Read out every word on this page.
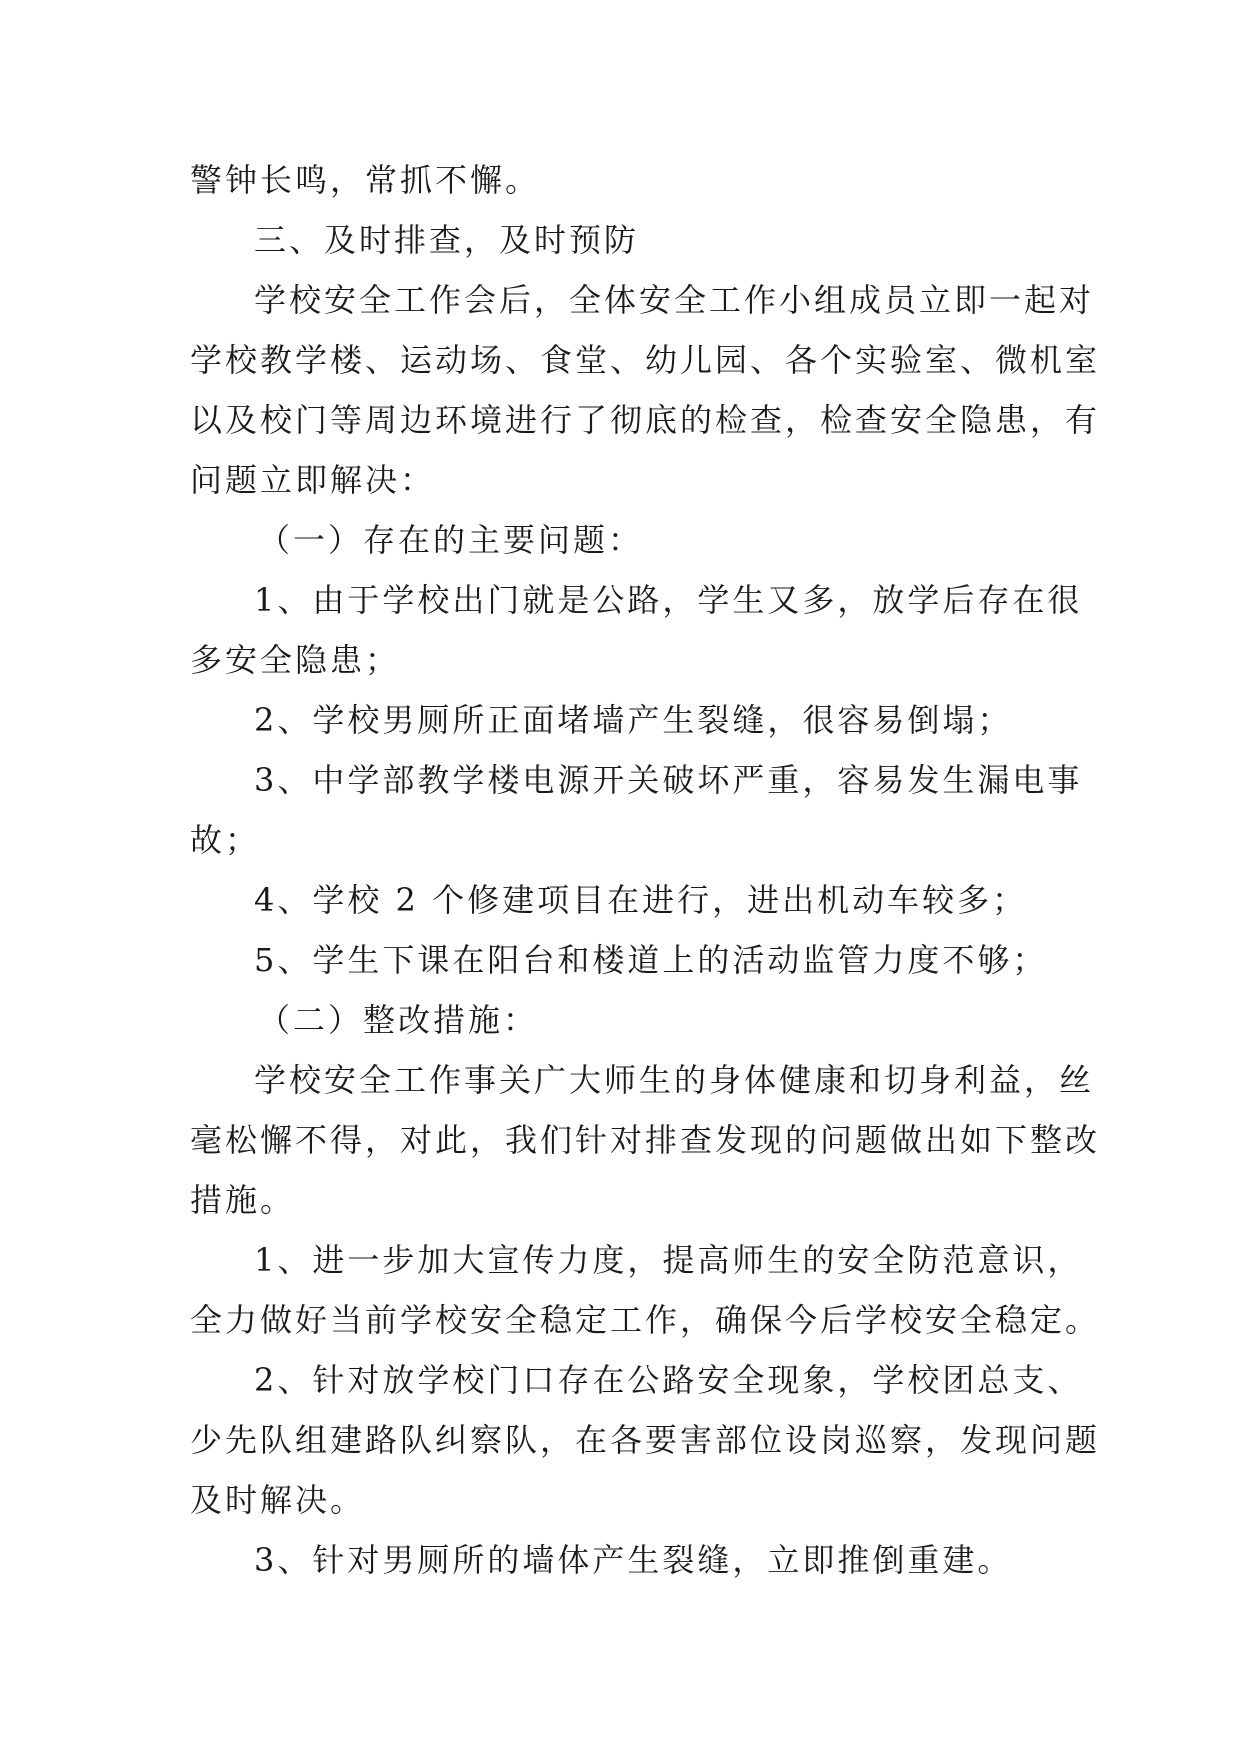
警钟长鸣，常抓不懈。
三、及时排查，及时预防
学校安全工作会后，全体安全工作小组成员立即一起对
学校教学楼、运动场、食堂、幼儿园、各个实验室、微机室
以及校门等周边环境进行了彻底的检查，检查安全隐患，有
问题立即解决：
（一）存在的主要问题：
1、由于学校出门就是公路，学生又多，放学后存在很
多安全隐患；
2、学校男厕所正面堵墙产生裂缝，很容易倒塌；
3、中学部教学楼电源开关破坏严重，容易发生漏电事
故；
4、学校 2 个修建项目在进行，进出机动车较多；
5、学生下课在阳台和楼道上的活动监管力度不够；
（二）整改措施：
学校安全工作事关广大师生的身体健康和切身利益，丝
毫松懈不得，对此，我们针对排查发现的问题做出如下整改
措施。
1、进一步加大宣传力度，提高师生的安全防范意识，
全力做好当前学校安全稳定工作，确保今后学校安全稳定。
2、针对放学校门口存在公路安全现象，学校团总支、
少先队组建路队纠察队，在各要害部位设岗巡察，发现问题
及时解决。
3、针对男厕所的墙体产生裂缝，立即推倒重建。
